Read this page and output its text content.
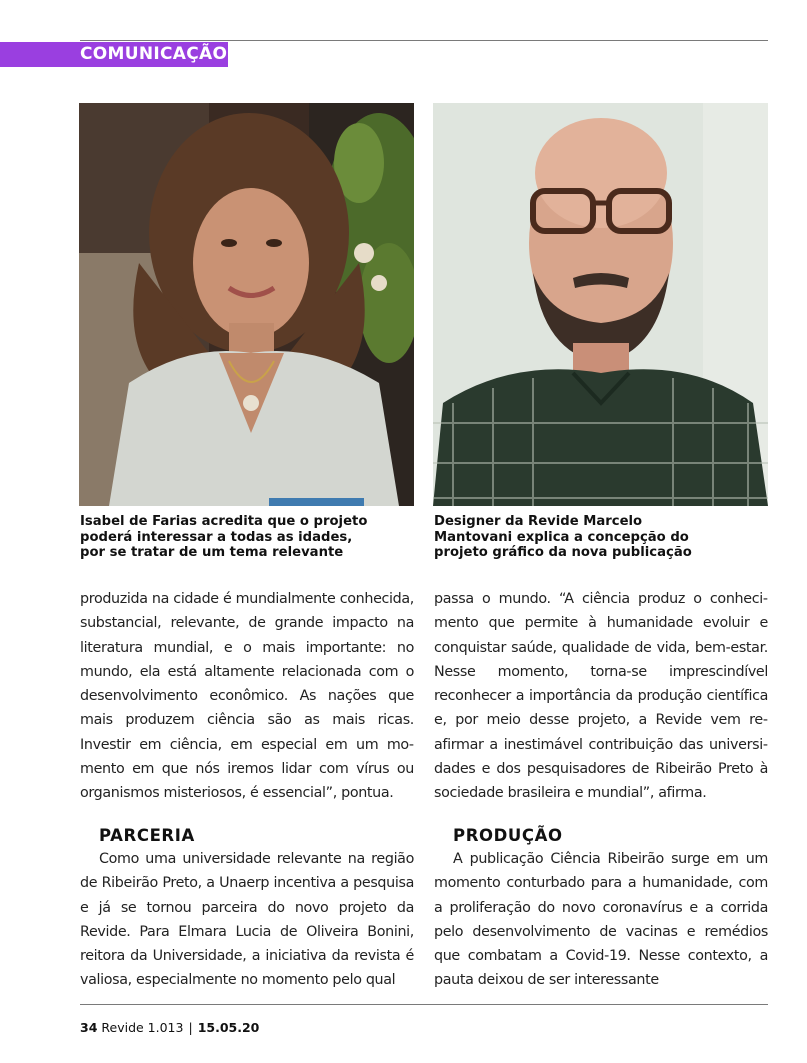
COMUNICAÇÃO
Isabel de Farias acredita que o projeto
poderá interessar a todas as idades,
por se tratar de um tema relevante
Designer da Revide Marcelo
Mantovani explica a concepção do
projeto gráfico da nova publicação

produzida na cidade é mundialmente conhecida, substancial, relevante, de grande impacto na literatura mundial, e o mais importante: no mundo, ela está altamente relacionada com o desenvolvimento econômico. As nações que mais produzem ciência são as mais ricas. Investir em ciência, em especial em um momento em que nós iremos lidar com vírus ou organismos misteriosos, é essencial”, pontua.

passa o mundo. “A ciência produz o conhecimento que permite à humanidade evoluir e conquistar saúde, qualidade de vida, bem-estar. Nesse momento, torna-se imprescindível reconhecer a importância da produção científica e, por meio desse projeto, a Revide vem reafirmar a inestimável contribuição das universidades e dos pesquisadores de Ribeirão Preto à sociedade brasileira e mundial”, afirma.

PARCERIA	PRODUÇÃO

Como uma universidade relevante na região de Ribeirão Preto, a Unaerp incentiva a pesquisa e já se tornou parceira do novo projeto da Revide. Para Elmara Lucia de Oliveira Bonini, reitora da Universidade, a iniciativa da revista é valiosa, especialmente no momento pelo qual

A publicação Ciência Ribeirão surge em um momento conturbado para a humanidade, com a proliferação do novo coronavírus e a corrida pelo desenvolvimento de vacinas e remédios que combatam a Covid-19. Nesse contexto, a pauta deixou de ser interessante

34 Revide 1.013 | 15.05.20
